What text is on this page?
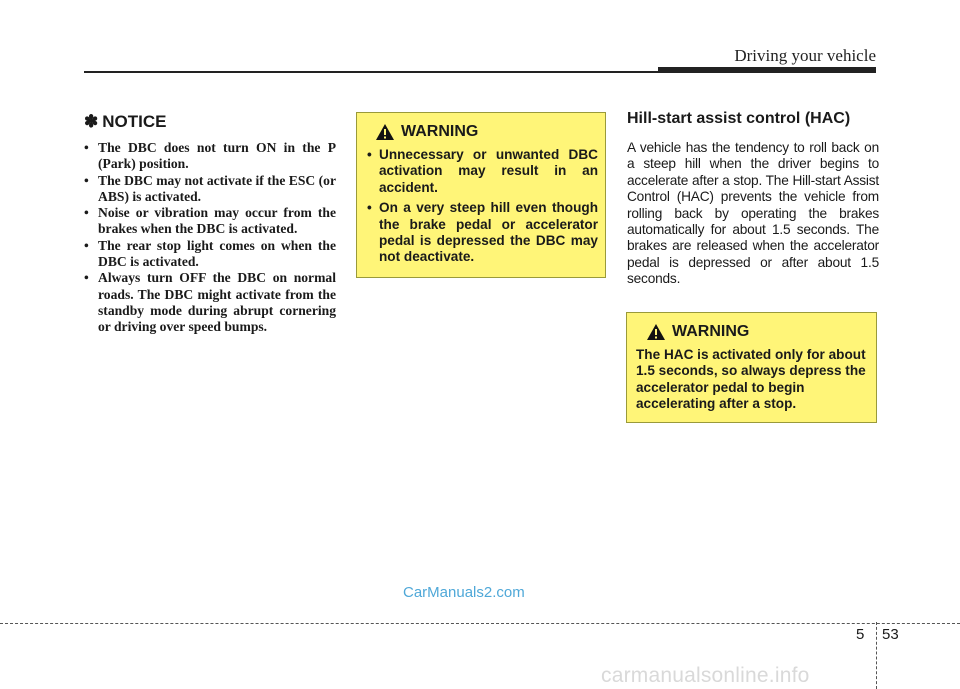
Driving your vehicle
✽ NOTICE
• The DBC does not turn ON in the P (Park) position.
• The DBC may not activate if the ESC (or ABS) is activated.
• Noise or vibration may occur from the brakes when the DBC is activated.
• The rear stop light comes on when the DBC is activated.
• Always turn OFF the DBC on normal roads. The DBC might activate from the standby mode during abrupt cornering or driving over speed bumps.
WARNING
• Unnecessary or unwanted DBC activation may result in an accident.
• On a very steep hill even though the brake pedal or accelerator pedal is depressed the DBC may not deactivate.
Hill-start assist control (HAC)
A vehicle has the tendency to roll back on a steep hill when the driver begins to accelerate after a stop. The Hill-start Assist Control (HAC) prevents the vehicle from rolling back by operating the brakes automatically for about 1.5 seconds. The brakes are released when the accelerator pedal is depressed or after about 1.5 seconds.
WARNING
The HAC is activated only for about 1.5 seconds, so always depress the accelerator pedal to begin accelerating after a stop.
CarManuals2.com
5 53
carmanualsonline.info
